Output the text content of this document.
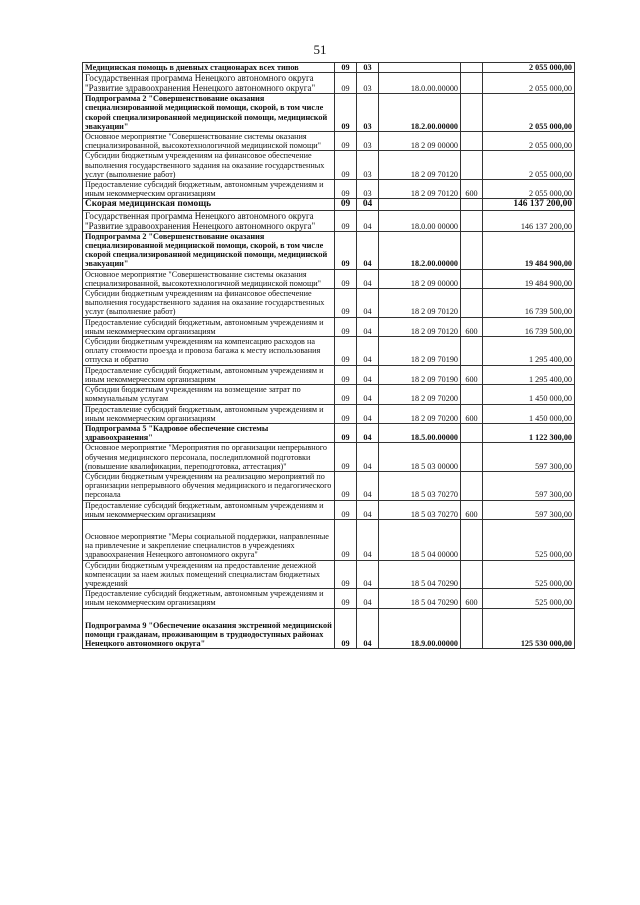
51
Медицинская помощь в дневных стационарах всех типов	09	03			2 055 000,00
Государственная программа Ненецкого автономного округа "Развитие здравоохранения Ненецкого автономного округа"	09	03	18.0.00.00000		2 055 000,00
Подпрограмма 2 "Совершенствование оказания специализированной медицинской помощи, скорой, в том числе скорой специализированной медицинской помощи, медицинской эвакуации"	09	03	18.2.00.00000		2 055 000,00
Основное мероприятие "Совершенствование системы оказания специализированной, высокотехнологичной медицинской помощи"	09	03	18 2 09 00000		2 055 000,00
Субсидии бюджетным учреждениям на финансовое обеспечение выполнения государственного задания на оказание государственных услуг (выполнение работ)	09	03	18 2 09 70120		2 055 000,00
Предоставление субсидий бюджетным, автономным учреждениям и иным некоммерческим организациям	09	03	18 2 09 70120	600	2 055 000,00
Скорая медицинская помощь	09	04			146 137 200,00
Государственная программа Ненецкого автономного округа "Развитие здравоохранения Ненецкого автономного округа"	09	04	18.0.00 00000		146 137 200,00
Подпрограмма 2 "Совершенствование оказания специализированной медицинской помощи, скорой, в том числе скорой специализированной медицинской помощи, медицинской эвакуации"	09	04	18.2.00.00000		19 484 900,00
Основное мероприятие "Совершенствование системы оказания специализированной, высокотехнологичной медицинской помощи"	09	04	18 2 09 00000		19 484 900,00
Субсидии бюджетным учреждениям на финансовое обеспечение выполнения государственного задания на оказание государственных услуг (выполнение работ)	09	04	18 2 09 70120		16 739 500,00
Предоставление субсидий бюджетным, автономным учреждениям и иным некоммерческим организациям	09	04	18 2 09 70120	600	16 739 500,00
Субсидии бюджетным учреждениям на компенсацию расходов на оплату стоимости проезда и провоза багажа к месту использования отпуска и обратно	09	04	18 2 09 70190		1 295 400,00
Предоставление субсидий бюджетным, автономным учреждениям и иным некоммерческим организациям	09	04	18 2 09 70190	600	1 295 400,00
Субсидии бюджетным учреждениям на возмещение затрат по коммунальным услугам	09	04	18 2 09 70200		1 450 000,00
Предоставление субсидий бюджетным, автономным учреждениям и иным некоммерческим организациям	09	04	18 2 09 70200	600	1 450 000,00
Подпрограмма 5 "Кадровое обеспечение системы здравоохранения"	09	04	18.5.00.00000		1 122 300,00
Основное мероприятие "Мероприятия по организации непрерывного обучения медицинского персонала, последипломной подготовки (повышение квалификации, переподготовка, аттестация)"	09	04	18 5 03 00000		597 300,00
Субсидии бюджетным учреждениям на реализацию мероприятий по организации непрерывного обучения медицинского и педагогического персонала	09	04	18 5 03 70270		597 300,00
Предоставление субсидий бюджетным, автономным учреждениям и иным некоммерческим организациям	09	04	18 5 03 70270	600	597 300,00
Основное мероприятие "Меры социальной поддержки, направленные на привлечение и закрепление специалистов в учреждениях здравоохранения Ненецкого автономного округа"	09	04	18 5 04 00000		525 000,00
Субсидии бюджетным учреждениям на предоставление денежной компенсации за наем жилых помещений специалистам бюджетных учреждений	09	04	18 5 04 70290		525 000,00
Предоставление субсидий бюджетным, автономным учреждениям и иным некоммерческим организациям	09	04	18 5 04 70290	600	525 000,00
Подпрограмма 9 "Обеспечение оказания экстренной медицинской помощи гражданам, проживающим в труднодоступных районах Ненецкого автономного округа"	09	04	18.9.00.00000		125 530 000,00
